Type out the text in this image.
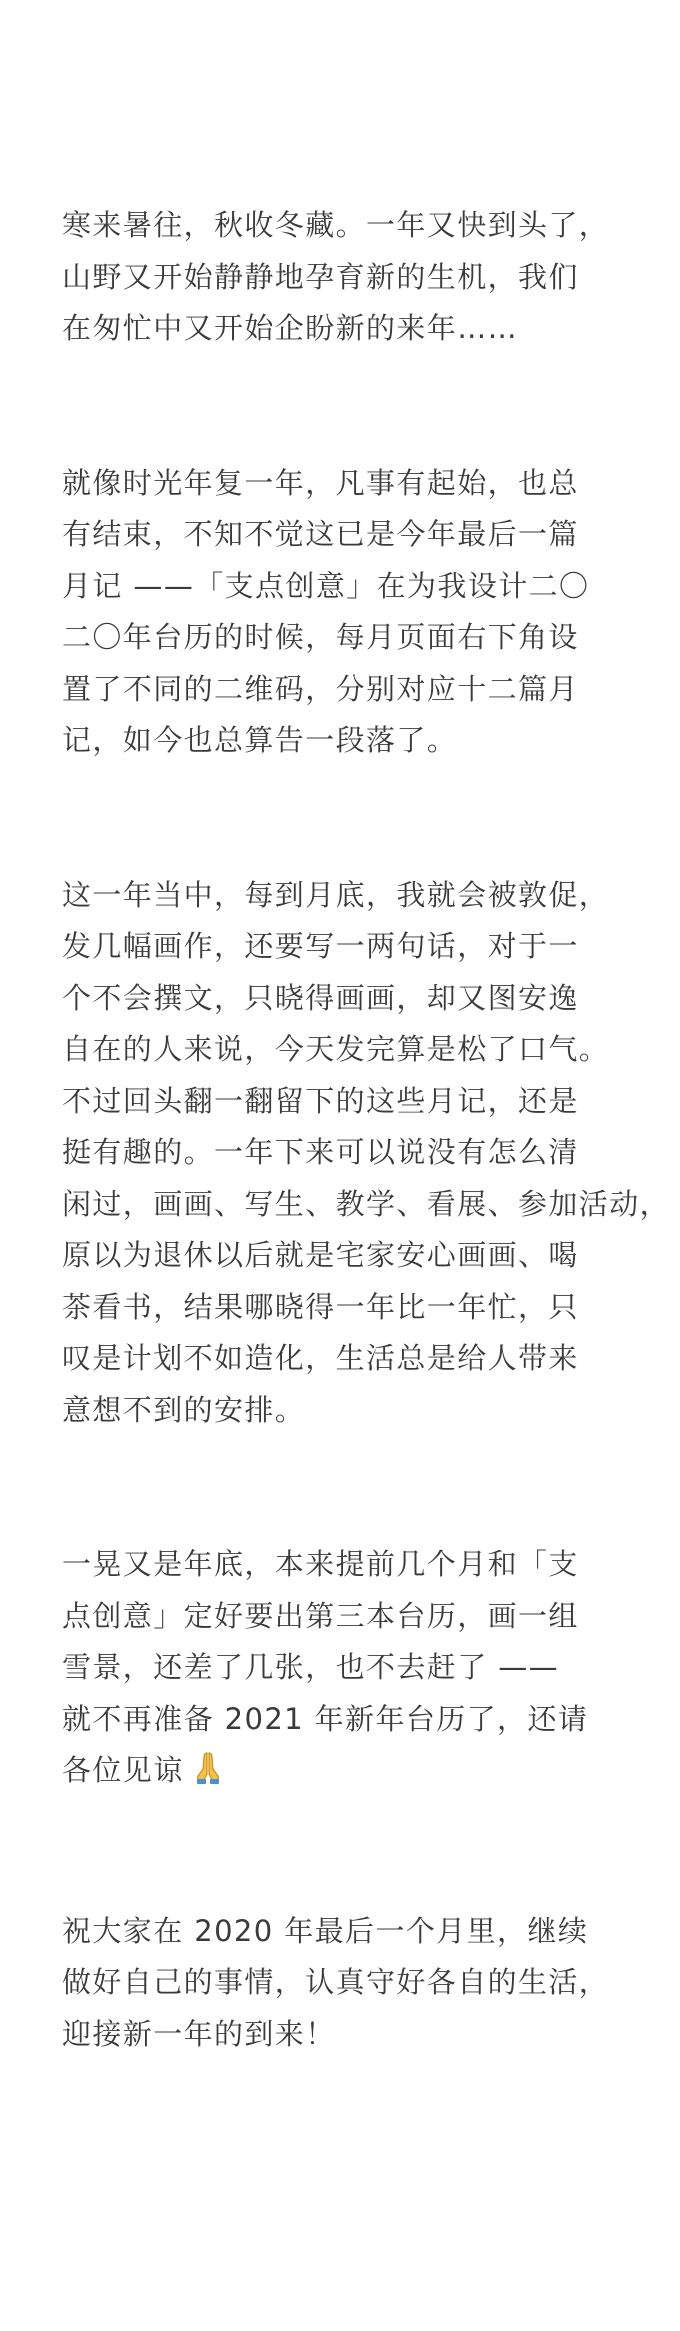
寒来暑往，秋收冬藏。一年又快到头了，
山野又开始静静地孕育新的生机，我们
在匆忙中又开始企盼新的来年……

就像时光年复一年，凡事有起始，也总
有结束，不知不觉这已是今年最后一篇
月记 ——「支点创意」在为我设计二〇
二〇年台历的时候，每月页面右下角设
置了不同的二维码，分别对应十二篇月
记，如今也总算告一段落了。

这一年当中，每到月底，我就会被敦促，
发几幅画作，还要写一两句话，对于一
个不会撰文，只晓得画画，却又图安逸
自在的人来说，今天发完算是松了口气。
不过回头翻一翻留下的这些月记，还是
挺有趣的。一年下来可以说没有怎么清
闲过，画画、写生、教学、看展、参加活动，
原以为退休以后就是宅家安心画画、喝
茶看书，结果哪晓得一年比一年忙，只
叹是计划不如造化，生活总是给人带来
意想不到的安排。

一晃又是年底，本来提前几个月和「支
点创意」定好要出第三本台历，画一组
雪景，还差了几张，也不去赶了 ——
就不再准备 2021 年新年台历了，还请
各位见谅

祝大家在 2020 年最后一个月里，继续
做好自己的事情，认真守好各自的生活，
迎接新一年的到来！
